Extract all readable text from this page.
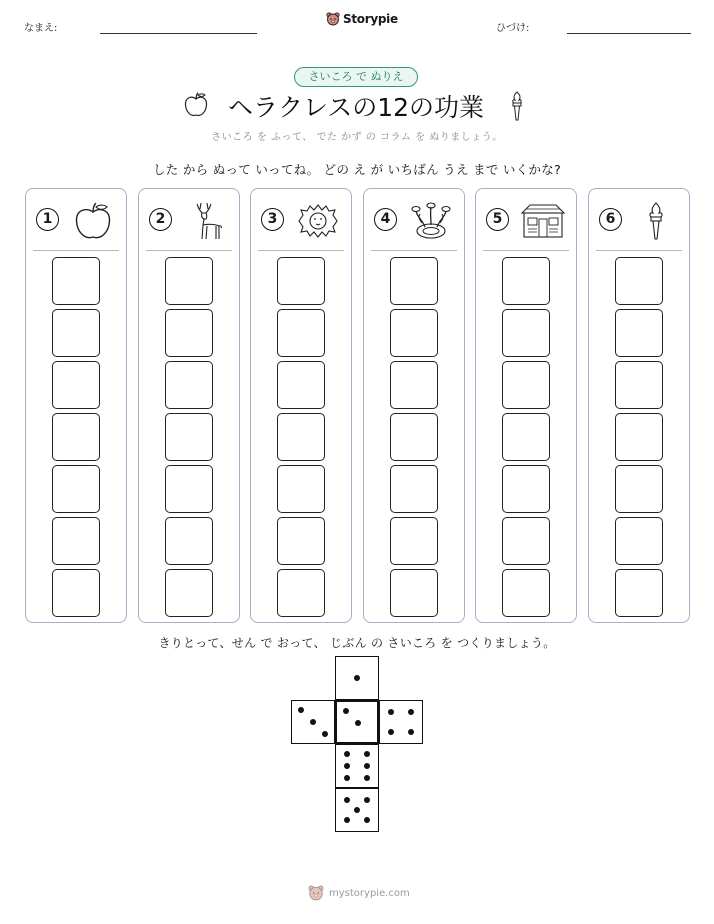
なまえ:
Storypie
ひづけ:
さいころ で ぬりえ
ヘラクレスの12の功業
さいころ を ふって、 でた かず の コラム を ぬりましょう。
した から ぬって いってね。 どの え が いちばん うえ まで いくかな?
1	2	3	4	5	6
きりとって、せん で おって、 じぶん の さいころ を つくりましょう。
mystorypie.com
